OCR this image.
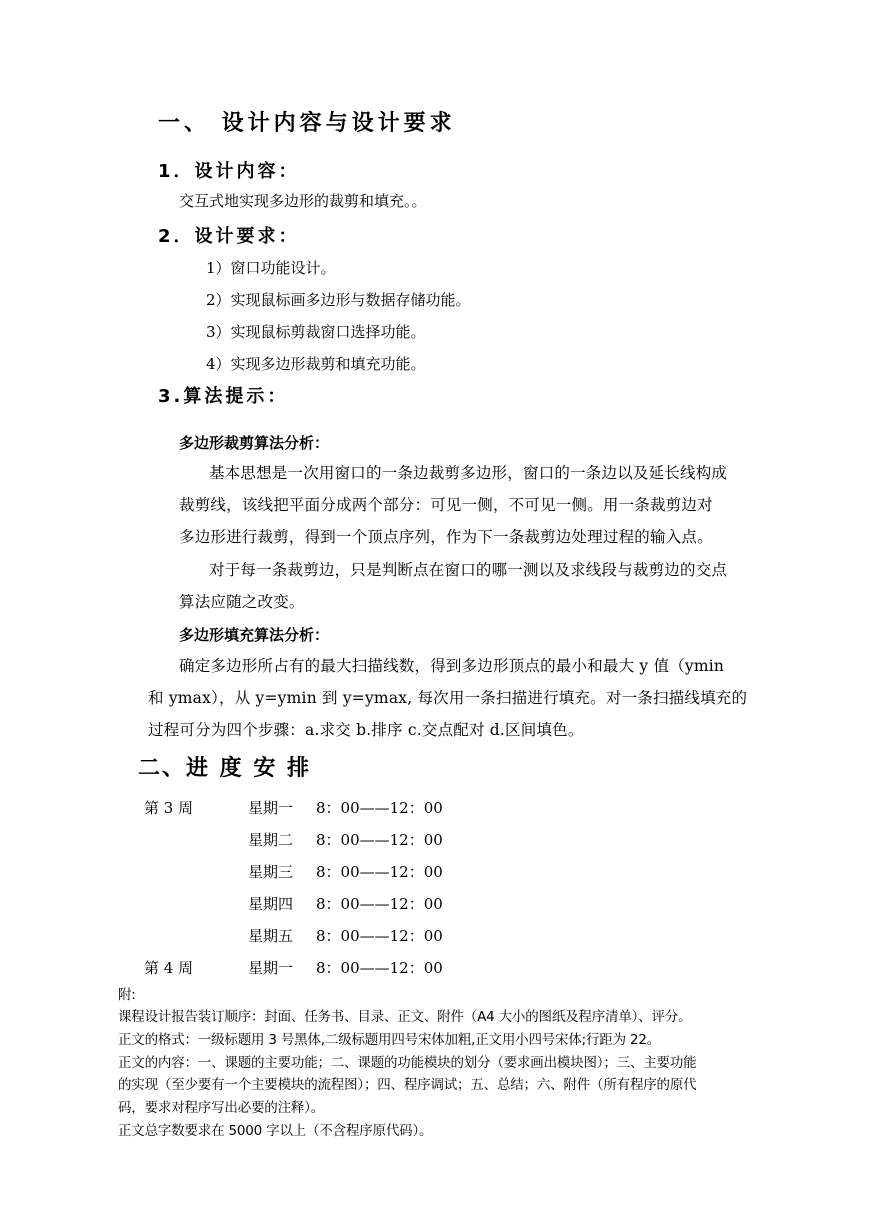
一、 设计内容与设计要求
1．设计内容：
交互式地实现多边形的裁剪和填充。。
2．设计要求：
1）窗口功能设计。
2）实现鼠标画多边形与数据存储功能。
3）实现鼠标剪裁窗口选择功能。
4）实现多边形裁剪和填充功能。
3.算法提示：
多边形裁剪算法分析：
基本思想是一次用窗口的一条边裁剪多边形，窗口的一条边以及延长线构成
裁剪线，该线把平面分成两个部分：可见一侧，不可见一侧。用一条裁剪边对
多边形进行裁剪，得到一个顶点序列，作为下一条裁剪边处理过程的输入点。
对于每一条裁剪边，只是判断点在窗口的哪一测以及求线段与裁剪边的交点
算法应随之改变。
多边形填充算法分析：
确定多边形所占有的最大扫描线数，得到多边形顶点的最小和最大 y 值（ymin
和 ymax），从 y=ymin 到 y=ymax, 每次用一条扫描进行填充。对一条扫描线填充的
过程可分为四个步骤：a.求交 b.排序 c.交点配对 d.区间填色。
二、进 度 安 排
第 3 周	星期一 8：00——12：00
星期二 8：00——12：00
星期三 8：00——12：00
星期四 8：00——12：00
星期五 8：00——12：00
第 4 周	星期一 8：00——12：00
附:
课程设计报告装订顺序：封面、任务书、目录、正文、附件（A4 大小的图纸及程序清单）、评分。
正文的格式：一级标题用 3 号黑体,二级标题用四号宋体加粗,正文用小四号宋体;行距为 22。
正文的内容：一、课题的主要功能；二、课题的功能模块的划分（要求画出模块图）；三、主要功能
的实现（至少要有一个主要模块的流程图）；四、程序调试；五、总结；六、附件（所有程序的原代
码，要求对程序写出必要的注释）。
正文总字数要求在 5000 字以上（不含程序原代码）。
